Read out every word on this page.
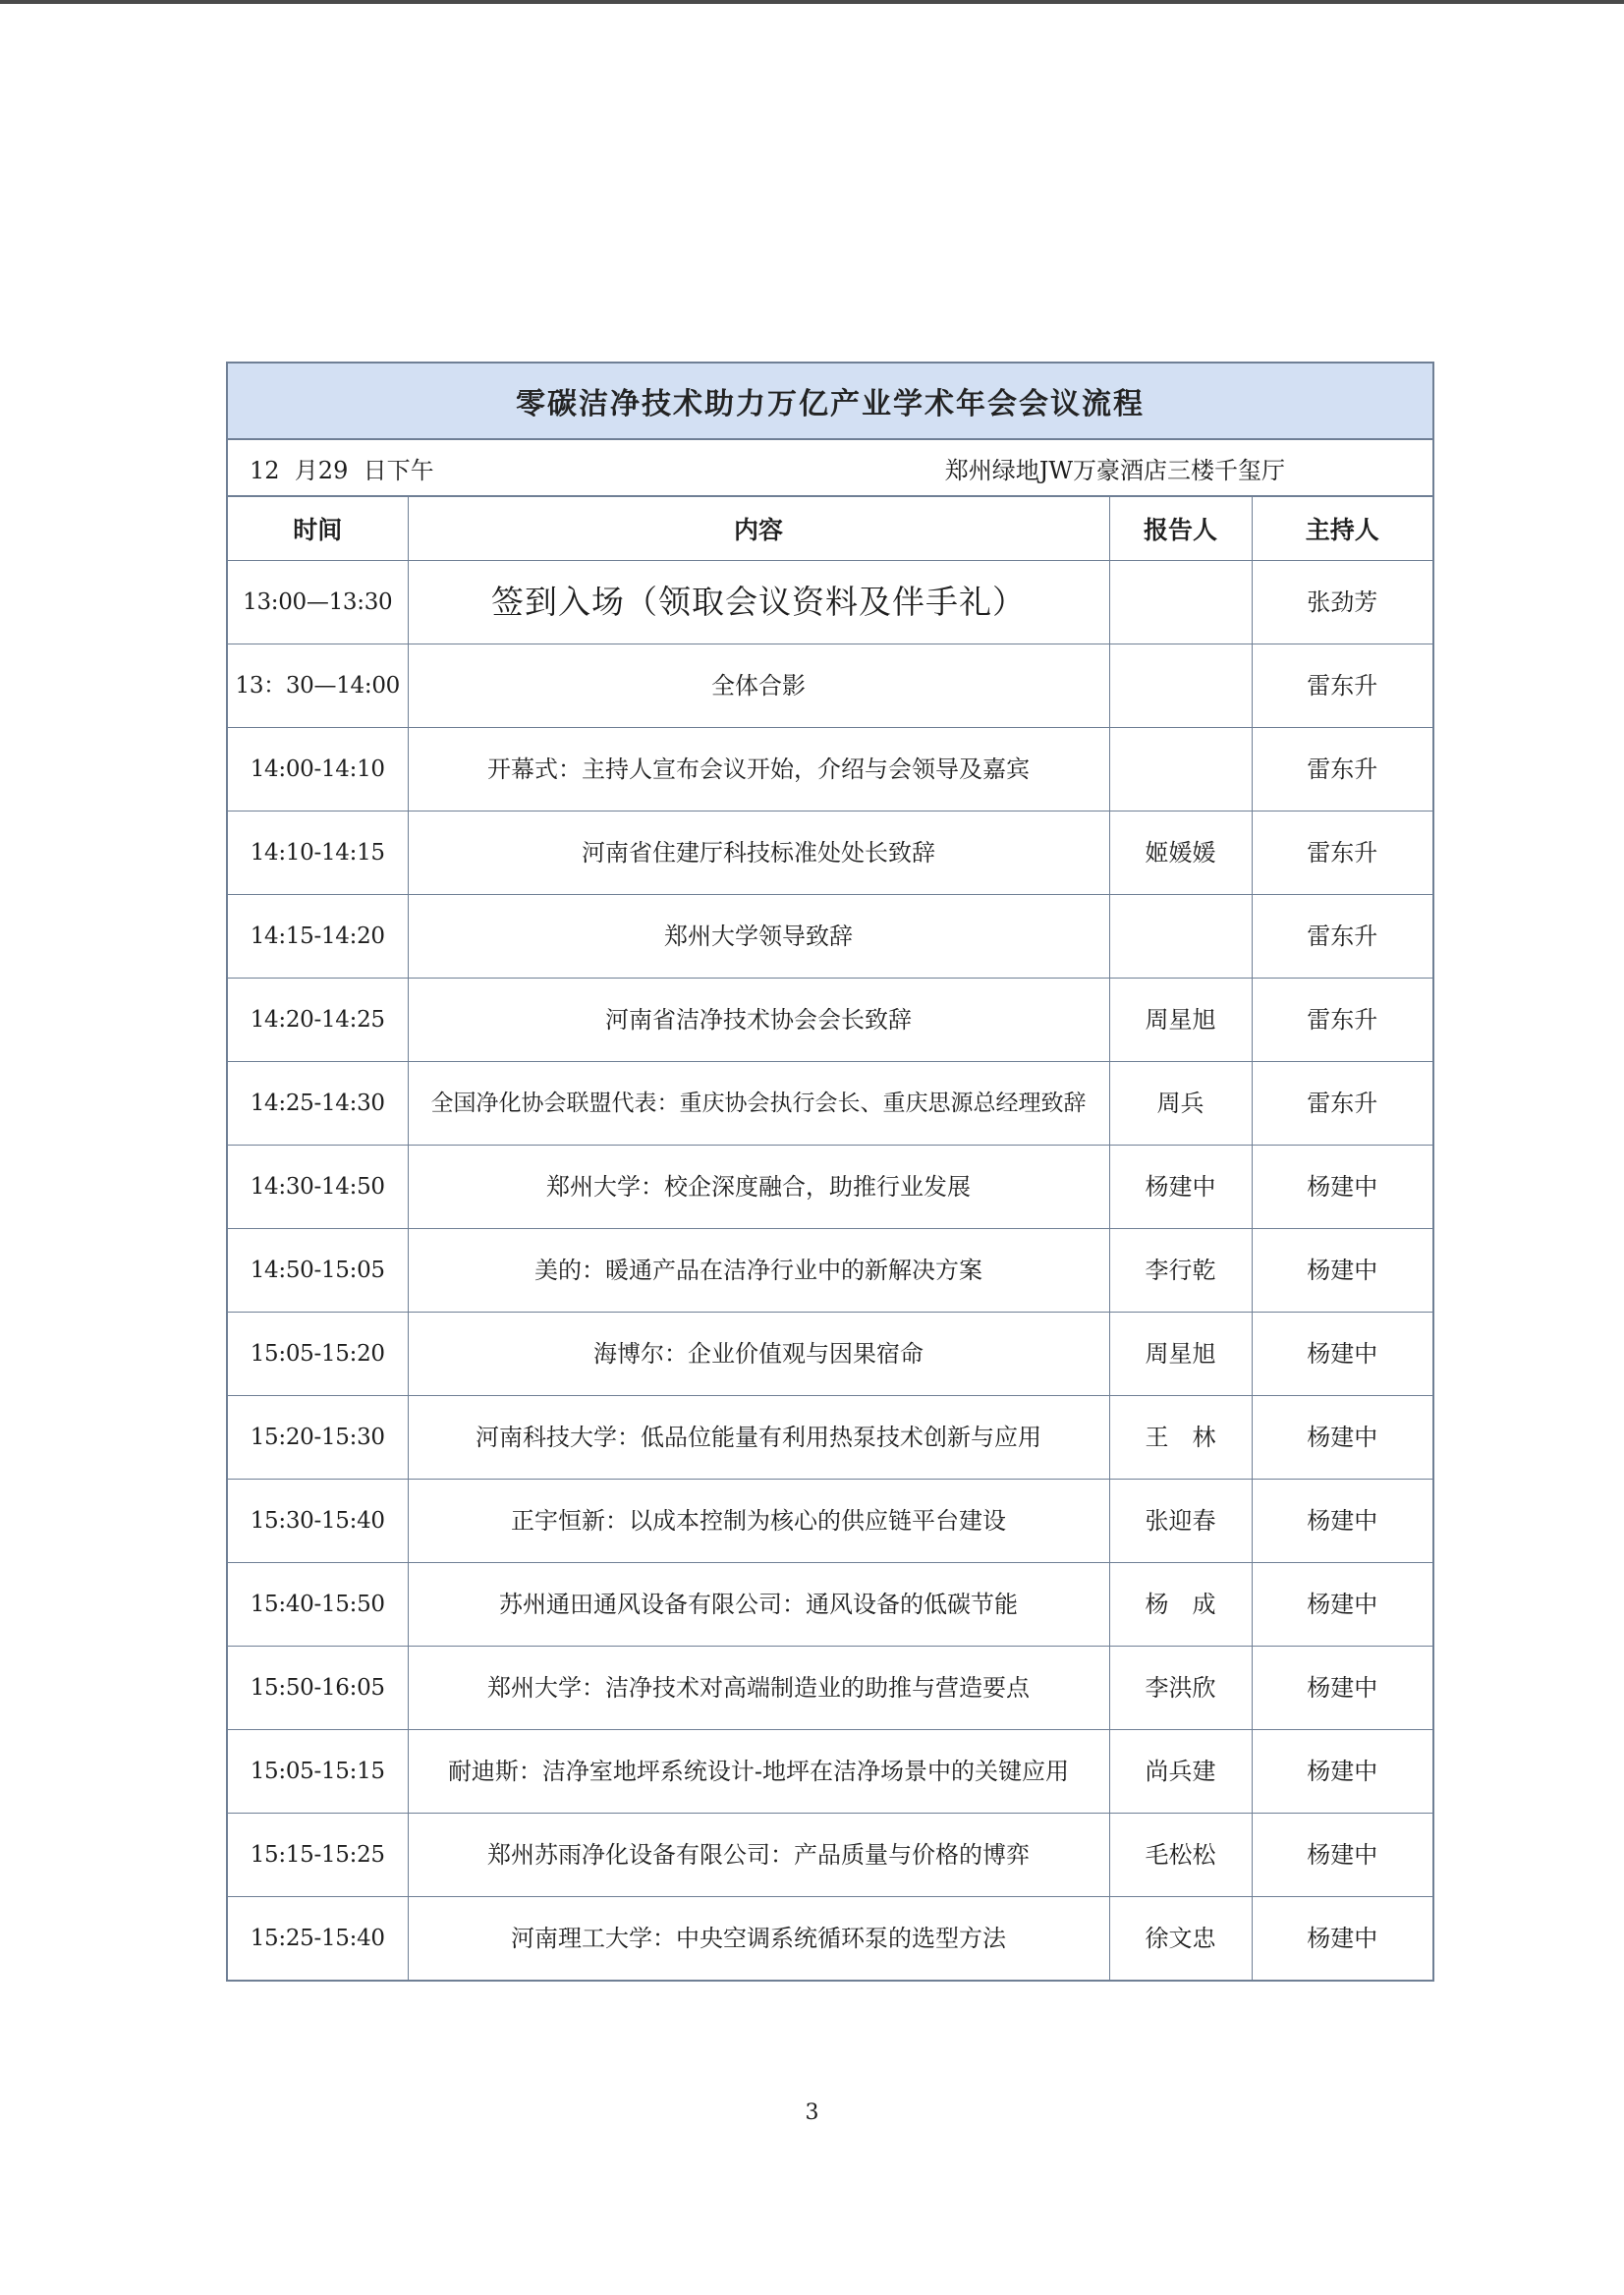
零碳洁净技术助力万亿产业学术年会会议流程
12  月29  日下午	郑州绿地JW万豪酒店三楼千玺厅
时间	内容	报告人	主持人
13:00—13:30	签到入场（领取会议资料及伴手礼）		张劲芳
13：30—14:00	全体合影		雷东升
14:00-14:10	开幕式：主持人宣布会议开始，介绍与会领导及嘉宾		雷东升
14:10-14:15	河南省住建厅科技标准处处长致辞	姬媛媛	雷东升
14:15-14:20	郑州大学领导致辞		雷东升
14:20-14:25	河南省洁净技术协会会长致辞	周星旭	雷东升
14:25-14:30	全国净化协会联盟代表：重庆协会执行会长、重庆思源总经理致辞	周兵	雷东升
14:30-14:50	郑州大学：校企深度融合，助推行业发展	杨建中	杨建中
14:50-15:05	美的：暖通产品在洁净行业中的新解决方案	李行乾	杨建中
15:05-15:20	海博尔：企业价值观与因果宿命	周星旭	杨建中
15:20-15:30	河南科技大学：低品位能量有利用热泵技术创新与应用	王　林	杨建中
15:30-15:40	正宇恒新：以成本控制为核心的供应链平台建设	张迎春	杨建中
15:40-15:50	苏州通田通风设备有限公司：通风设备的低碳节能	杨　成	杨建中
15:50-16:05	郑州大学：洁净技术对高端制造业的助推与营造要点	李洪欣	杨建中
15:05-15:15	耐迪斯：洁净室地坪系统设计-地坪在洁净场景中的关键应用	尚兵建	杨建中
15:15-15:25	郑州苏雨净化设备有限公司：产品质量与价格的博弈	毛松松	杨建中
15:25-15:40	河南理工大学：中央空调系统循环泵的选型方法	徐文忠	杨建中
3
